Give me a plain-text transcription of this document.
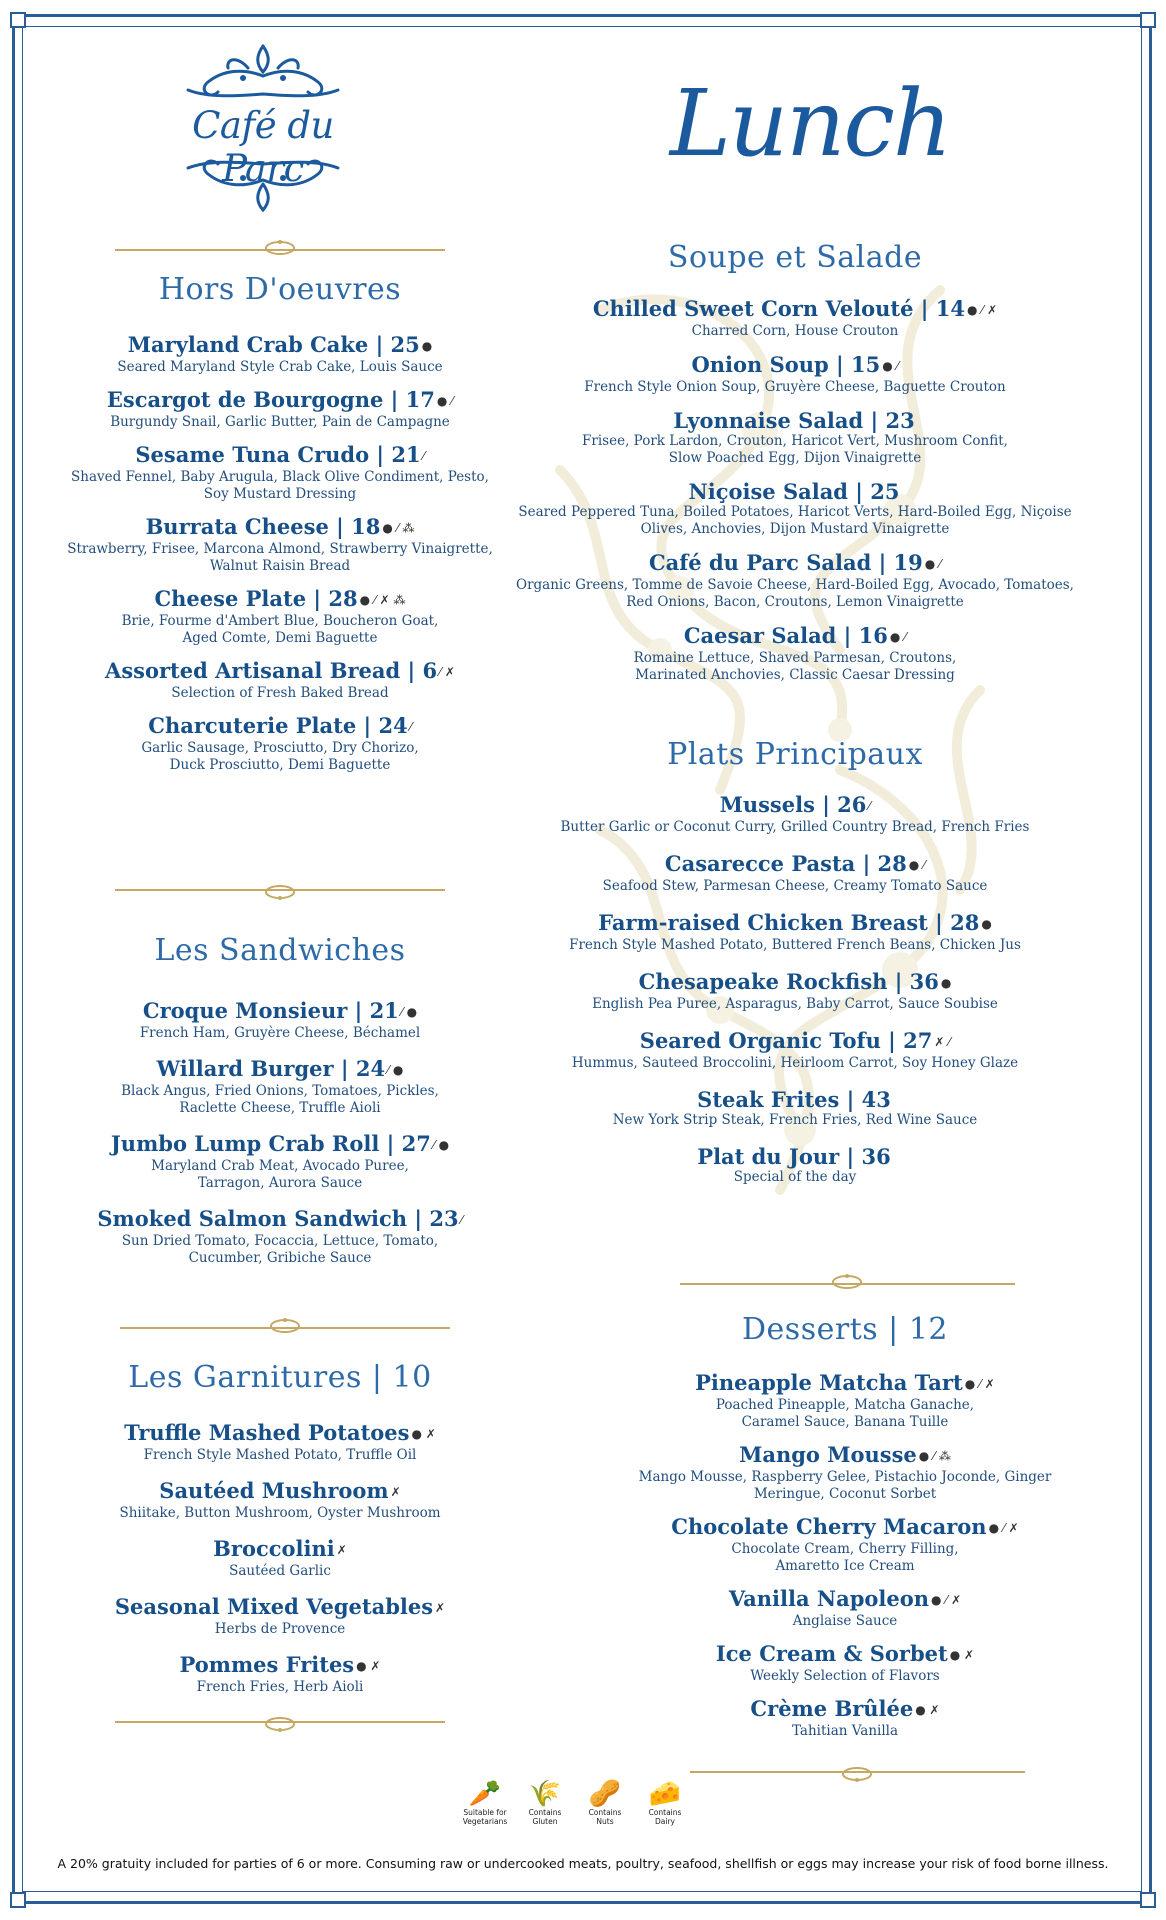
Café du Parc	Lunch
Hors D'oeuvres
Les Sandwiches
Les Garnitures | 10
Soupe et Salade
Plats Principaux
Desserts | 12
Maryland Crab Cake | 25 ●
Seared Maryland Style Crab Cake, Louis Sauce
Escargot de Bourgogne | 17 ● ⁄
Burgundy Snail, Garlic Butter, Pain de Campagne
Sesame Tuna Crudo | 21 ⁄
Shaved Fennel, Baby Arugula, Black Olive Condiment, Pesto,
Soy Mustard Dressing
Burrata Cheese | 18 ● ⁄ ⁂
Strawberry, Frisee, Marcona Almond, Strawberry Vinaigrette,
Walnut Raisin Bread
Cheese Plate | 28 ● ⁄ ✗ ⁂
Brie, Fourme d'Ambert Blue, Boucheron Goat,
Aged Comte, Demi Baguette
Assorted Artisanal Bread | 6 ⁄ ✗
Selection of Fresh Baked Bread
Charcuterie Plate | 24 ⁄
Garlic Sausage, Prosciutto, Dry Chorizo,
Duck Prosciutto, Demi Baguette
Croque Monsieur | 21 ⁄ ●
French Ham, Gruyère Cheese, Béchamel
Willard Burger | 24 ⁄ ●
Black Angus, Fried Onions, Tomatoes, Pickles,
Raclette Cheese, Truffle Aioli
Jumbo Lump Crab Roll | 27 ⁄ ●
Maryland Crab Meat, Avocado Puree,
Tarragon, Aurora Sauce
Smoked Salmon Sandwich | 23 ⁄
Sun Dried Tomato, Focaccia, Lettuce, Tomato,
Cucumber, Gribiche Sauce
Truffle Mashed Potatoes ● ✗
French Style Mashed Potato, Truffle Oil
Sautéed Mushroom ✗
Shiitake, Button Mushroom, Oyster Mushroom
Broccolini ✗
Sautéed Garlic
Seasonal Mixed Vegetables ✗
Herbs de Provence
Pommes Frites ● ✗
French Fries, Herb Aioli
Chilled Sweet Corn Velouté | 14 ● ⁄ ✗
Charred Corn, House Crouton
Onion Soup | 15 ● ⁄
French Style Onion Soup, Gruyère Cheese, Baguette Crouton
Lyonnaise Salad | 23
Frisee, Pork Lardon, Crouton, Haricot Vert, Mushroom Confit,
Slow Poached Egg, Dijon Vinaigrette
Niçoise Salad | 25
Seared Peppered Tuna, Boiled Potatoes, Haricot Verts, Hard-Boiled Egg, Niçoise
Olives, Anchovies, Dijon Mustard Vinaigrette
Café du Parc Salad | 19 ● ⁄
Organic Greens, Tomme de Savoie Cheese, Hard-Boiled Egg, Avocado, Tomatoes,
Red Onions, Bacon, Croutons, Lemon Vinaigrette
Caesar Salad | 16 ● ⁄
Romaine Lettuce, Shaved Parmesan, Croutons,
Marinated Anchovies, Classic Caesar Dressing
Mussels | 26 ⁄
Butter Garlic or Coconut Curry, Grilled Country Bread, French Fries
Casarecce Pasta | 28 ● ⁄
Seafood Stew, Parmesan Cheese, Creamy Tomato Sauce
Farm-raised Chicken Breast | 28 ●
French Style Mashed Potato, Buttered French Beans, Chicken Jus
Chesapeake Rockfish | 36 ●
English Pea Puree, Asparagus, Baby Carrot, Sauce Soubise
Seared Organic Tofu | 27 ✗ ⁄
Hummus, Sauteed Broccolini, Heirloom Carrot, Soy Honey Glaze
Steak Frites | 43
New York Strip Steak, French Fries, Red Wine Sauce
Plat du Jour | 36
Special of the day
Pineapple Matcha Tart ● ⁄ ✗
Poached Pineapple, Matcha Ganache,
Caramel Sauce, Banana Tuille
Mango Mousse ● ⁄ ⁂
Mango Mousse, Raspberry Gelee, Pistachio Joconde, Ginger
Meringue, Coconut Sorbet
Chocolate Cherry Macaron ● ⁄ ✗
Chocolate Cream, Cherry Filling,
Amaretto Ice Cream
Vanilla Napoleon ● ⁄ ✗
Anglaise Sauce
Ice Cream & Sorbet ● ✗
Weekly Selection of Flavors
Crème Brûlée ● ✗
Tahitian Vanilla
🥕
Suitable for
Vegetarians
🌾
Contains
Gluten
🥜
Contains
Nuts
🧀
Contains
Dairy
A 20% gratuity included for parties of 6 or more. Consuming raw or undercooked meats, poultry, seafood, shellfish or eggs may increase your risk of food borne illness.
